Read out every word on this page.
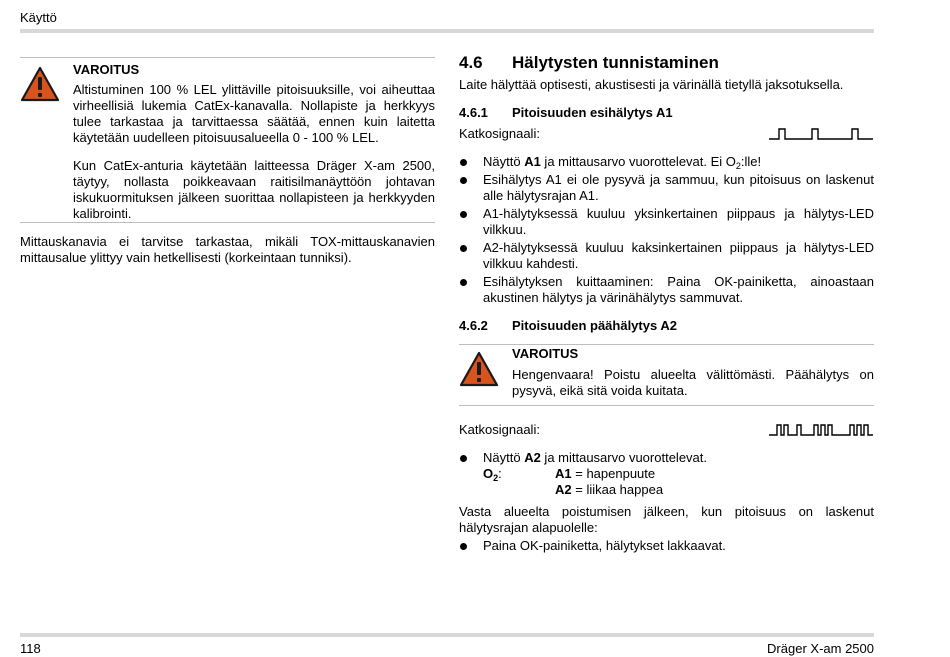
Käyttö
VAROITUS
Altistuminen 100 % LEL ylittäville pitoisuuksille, voi aiheuttaa virheellisiä lukemia CatEx-kanavalla. Nollapiste ja herkkyys tulee tarkastaa ja tarvittaessa säätää, ennen kuin laitetta käytetään uudelleen pitoisuusalueella 0 - 100 % LEL.
Kun CatEx-anturia käytetään laitteessa Dräger X-am 2500, täytyy, nollasta poikkeavaan raitisilmanäyttöön johtavan iskukuormituksen jälkeen suorittaa nollapisteen ja herkkyyden kalibrointi.
Mittauskanavia ei tarvitse tarkastaa, mikäli TOX-mittauskanavien mittausalue ylittyy vain hetkellisesti (korkeintaan tunniksi).
4.6	Hälytysten tunnistaminen
Laite hälyttää optisesti, akustisesti ja värinällä tietyllä jaksotuksella.
4.6.1	Pitoisuuden esihälytys A1
Katkosignaali:
Näyttö A1 ja mittausarvo vuorottelevat. Ei $O_2:lle$!
Esihälytys A1 ei ole pysyvä ja sammuu, kun pitoisuus on laskenut alle hälytysrajan A1.
A1-hälytyksessä kuuluu yksinkertainen piippaus ja hälytys-LED vilkkuu.
A2-hälytyksessä kuuluu kaksinkertainen piippaus ja hälytys-LED vilkkuu kahdesti.
Esihälytyksen kuittaaminen: Paina OK-painiketta, ainoastaan akustinen hälytys ja värinähälytys sammuvat.
4.6.2	Pitoisuuden päähälytys A2
VAROITUS
Hengenvaara! Poistu alueelta välittömästi. Päähälytys on pysyvä, eikä sitä voida kuitata.
Katkosignaali:
Näyttö A2 ja mittausarvo vuorottelevat.
$O_2$:	A1 = hapenpuute
A2 = liikaa happea
Vasta alueelta poistumisen jälkeen, kun pitoisuus on laskenut hälytysrajan alapuolelle:
Paina OK-painiketta, hälytykset lakkaavat.
118	Dräger X-am 2500
